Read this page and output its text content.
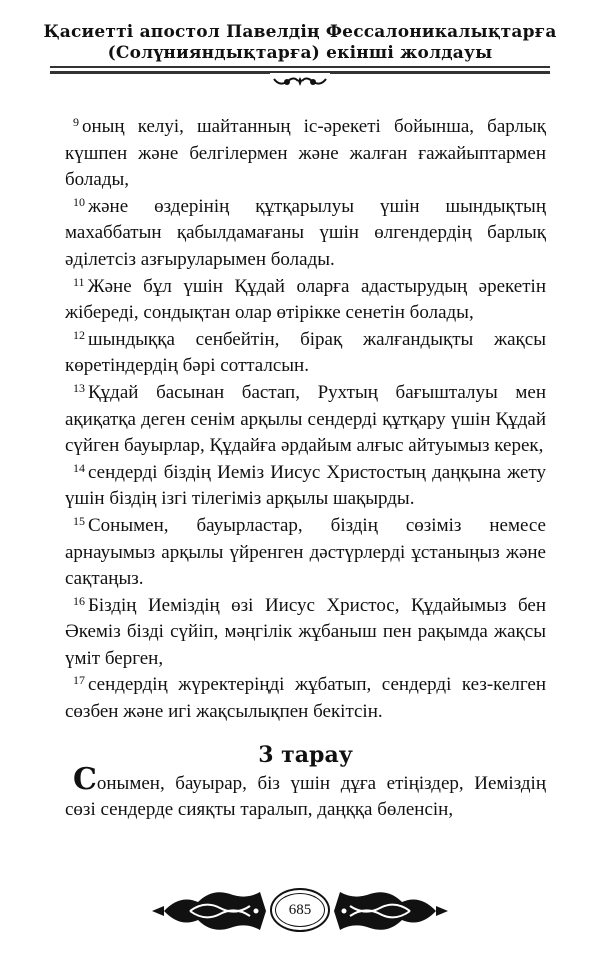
Қасиетті апостол Павелдің Фессалоникалықтарға
(Солүнияндықтарға) екінші жолдауы

$^9$ оның келуі, шайтанның іс-әрекеті бойынша, барлық күшпен және белгілермен және жалған ғажайыптармен болады,

$^{10}$ және өздерінің құтқарылуы үшін шындықтың махаббатын қабылдамағаны үшін өлгендердің барлық әділетсіз азғыруларымен болады.

$^{11}$ Және бұл үшін Құдай оларға адастырудың әрекетін жібереді, сондықтан олар өтірікке сенетін болады,

$^{12}$ шындыққа сенбейтін, бірақ жалғандықты жақсы көретіндердің бәрі сотталсын.

$^{13}$ Құдай басынан бастап, Рухтың бағышталуы мен ақиқатқа деген сенім арқылы сендерді құтқару үшін Құдай сүйген бауырлар, Құдайға әрдайым алғыс айтуымыз керек,

$^{14}$ сендерді біздің Иеміз Иисус Христостың даңқына жету үшін біздің ізгі тілегіміз арқылы шақырды.

$^{15}$ Сонымен, бауырластар, біздің сөзіміз немесе арнауымыз арқылы үйренген дәстүрлерді ұстаныңыз және сақтаңыз.

$^{16}$ Біздің Иеміздің өзі Иисус Христос, Құдайымыз бен Әкеміз бізді сүйіп, мәңгілік жұбаныш пен рақымда жақсы үміт берген,

$^{17}$ сендердің жүректеріңді жұбатып, сендерді кез-келген сөзбен және игі жақсылықпен бекітсін.

3 тарау

Сонымен, бауырар, біз үшін дұға етіңіздер, Иеміздің сөзі сендерде сияқты таралып, даңққа бөленсін,

685
